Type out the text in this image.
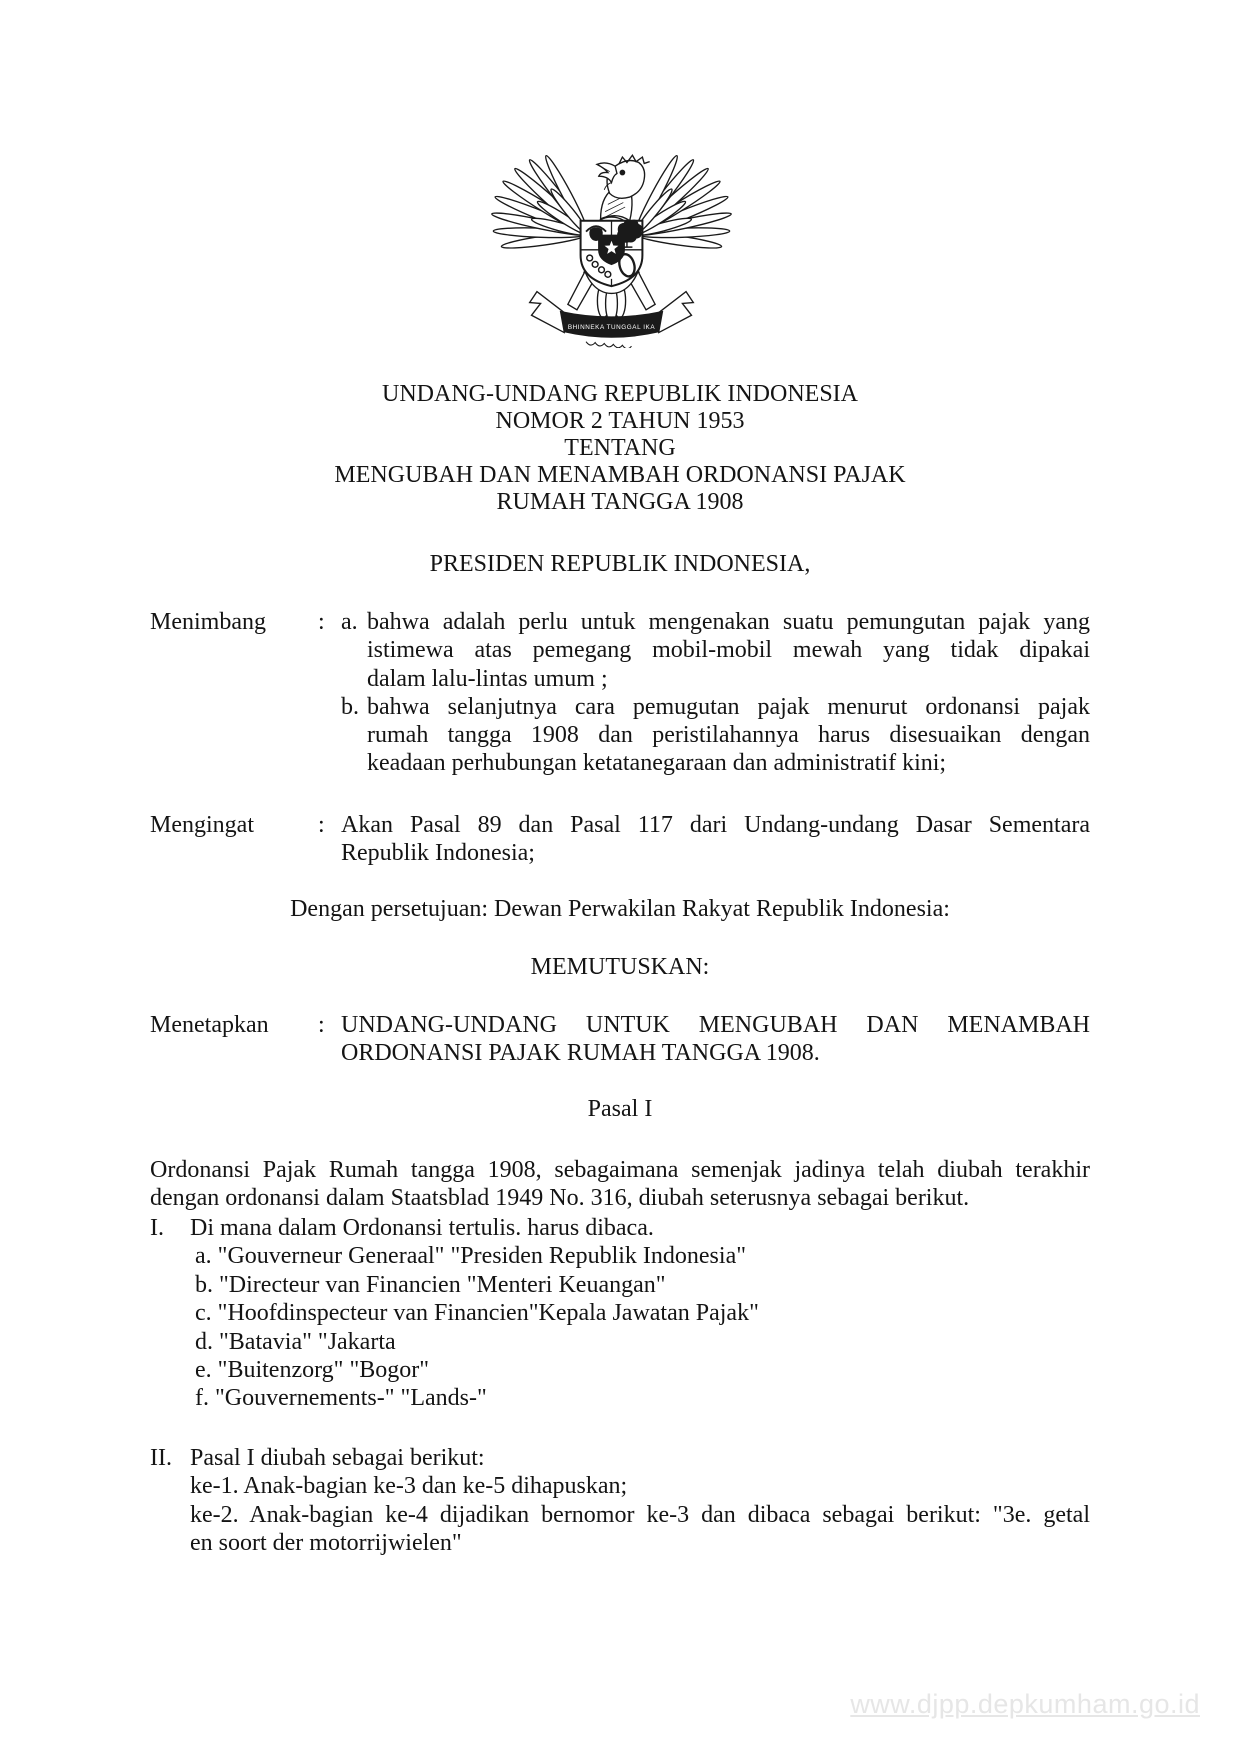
BHINNEKA TUNGGAL IKA
UNDANG-UNDANG REPUBLIK INDONESIA
NOMOR 2 TAHUN 1953
TENTANG
MENGUBAH DAN MENAMBAH ORDONANSI PAJAK
RUMAH TANGGA 1908
PRESIDEN REPUBLIK INDONESIA,
Menimbang	: a. bahwa adalah perlu untuk mengenakan suatu pemungutan pajak yang
istimewa atas pemegang mobil-mobil mewah yang tidak dipakai
dalam lalu-lintas umum ;
b. bahwa selanjutnya cara pemugutan pajak menurut ordonansi pajak
rumah tangga 1908 dan peristilahannya harus disesuaikan dengan
keadaan perhubungan ketatanegaraan dan administratif kini;
Mengingat	: Akan Pasal 89 dan Pasal 117 dari Undang-undang Dasar Sementara
Republik Indonesia;
Dengan persetujuan: Dewan Perwakilan Rakyat Republik Indonesia:
MEMUTUSKAN:
Menetapkan	: UNDANG-UNDANG UNTUK MENGUBAH DAN MENAMBAH
ORDONANSI PAJAK RUMAH TANGGA 1908.
Pasal I
Ordonansi Pajak Rumah tangga 1908, sebagaimana semenjak jadinya telah diubah terakhir
dengan ordonansi dalam Staatsblad 1949 No. 316, diubah seterusnya sebagai berikut.
I.	Di mana dalam Ordonansi tertulis. harus dibaca.
a. "Gouverneur Generaal" "Presiden Republik Indonesia"
b. "Directeur van Financien "Menteri Keuangan"
c. "Hoofdinspecteur van Financien"Kepala Jawatan Pajak"
d. "Batavia" "Jakarta
e. "Buitenzorg" "Bogor"
f. "Gouvernements-" "Lands-"
II. Pasal I diubah sebagai berikut:
ke-1. Anak-bagian ke-3 dan ke-5 dihapuskan;
ke-2. Anak-bagian ke-4 dijadikan bernomor ke-3 dan dibaca sebagai berikut: "3e. getal
en soort der motorrijwielen"
www.djpp.depkumham.go.id
